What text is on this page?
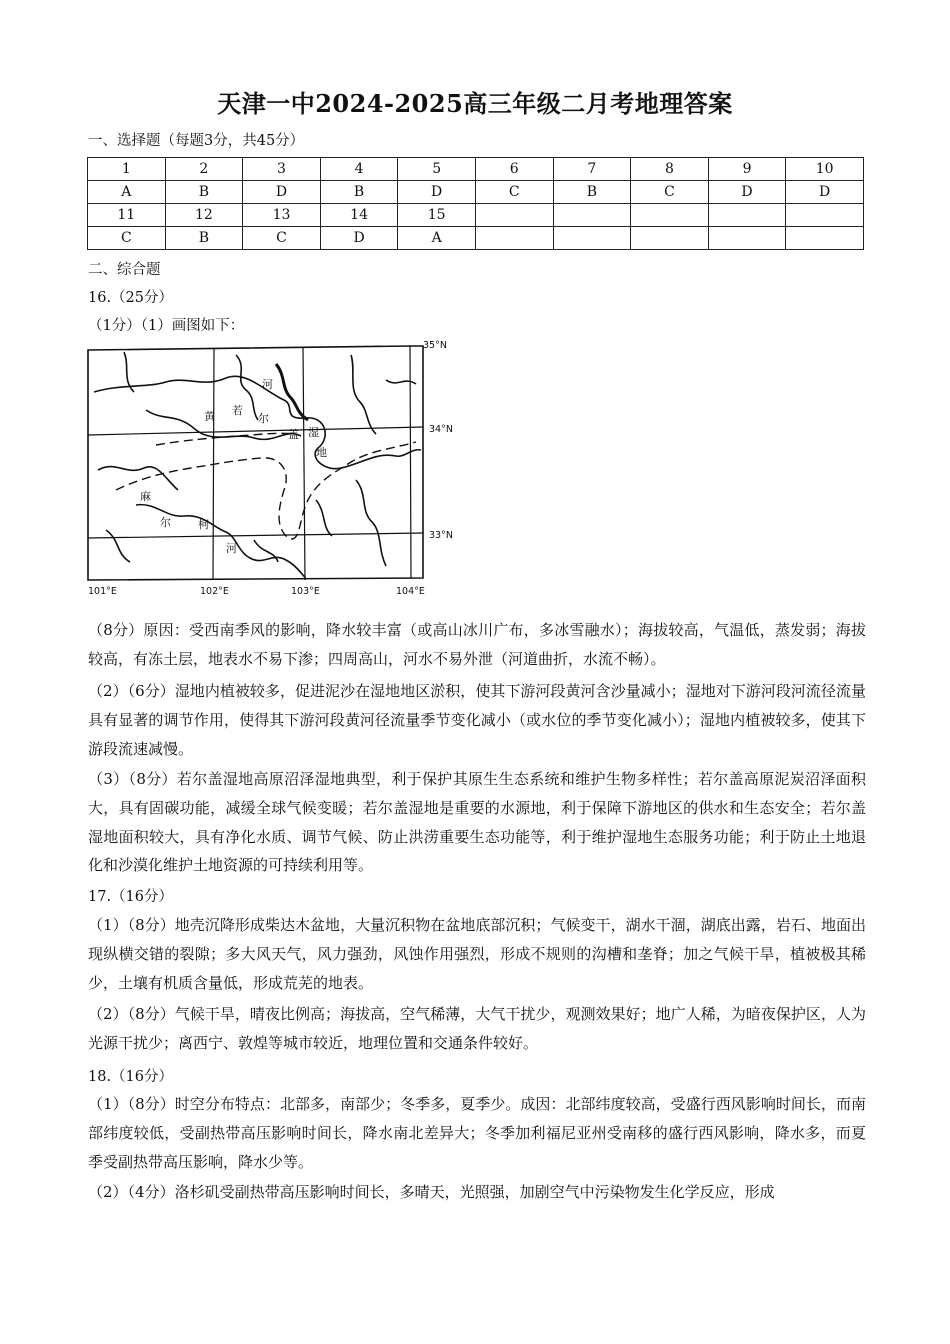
天津一中2024-2025高三年级二月考地理答案
一、选择题（每题3分，共45分）
1	2	3	4	5	6	7	8	9	10
A	B	D	B	D	C	B	C	D	D
11	12	13	14	15					
C	B	C	D	A					
二、综合题
16.（25分）
（1分）（1）画图如下：
黄 若
尔
盖 湿
地
河
麻
尔 柯
河
35°N
34°N
33°N
101°E	102°E	103°E	104°E
（8分）原因：受西南季风的影响，降水较丰富（或高山冰川广布，多冰雪融水）；海拔较高，气温低，蒸发弱；海拔较高，有冻土层，地表水不易下渗；四周高山，河水不易外泄（河道曲折，水流不畅）。
（2）（6分）湿地内植被较多，促进泥沙在湿地地区淤积，使其下游河段黄河含沙量减小；湿地对下游河段河流径流量具有显著的调节作用，使得其下游河段黄河径流量季节变化减小（或水位的季节变化减小）；湿地内植被较多，使其下游段流速减慢。
（3）（8分）若尔盖湿地高原沼泽湿地典型，利于保护其原生生态系统和维护生物多样性；若尔盖高原泥炭沼泽面积大，具有固碳功能，减缓全球气候变暖；若尔盖湿地是重要的水源地，利于保障下游地区的供水和生态安全；若尔盖湿地面积较大，具有净化水质、调节气候、防止洪涝重要生态功能等，利于维护湿地生态服务功能；利于防止土地退化和沙漠化维护土地资源的可持续利用等。
17.（16分）
（1）（8分）地壳沉降形成柴达木盆地，大量沉积物在盆地底部沉积；气候变干，湖水干涸，湖底出露，岩石、地面出现纵横交错的裂隙；多大风天气，风力强劲，风蚀作用强烈，形成不规则的沟槽和垄脊；加之气候干旱，植被极其稀少，土壤有机质含量低，形成荒芜的地表。
（2）（8分）气候干旱，晴夜比例高；海拔高，空气稀薄，大气干扰少，观测效果好；地广人稀，为暗夜保护区，人为光源干扰少；离西宁、敦煌等城市较近，地理位置和交通条件较好。
18.（16分）
（1）（8分）时空分布特点：北部多，南部少；冬季多，夏季少。成因：北部纬度较高，受盛行西风影响时间长，而南部纬度较低，受副热带高压影响时间长，降水南北差异大；冬季加利福尼亚州受南移的盛行西风影响，降水多，而夏季受副热带高压影响，降水少等。
（2）（4分）洛杉矶受副热带高压影响时间长，多晴天，光照强，加剧空气中污染物发生化学反应，形成
